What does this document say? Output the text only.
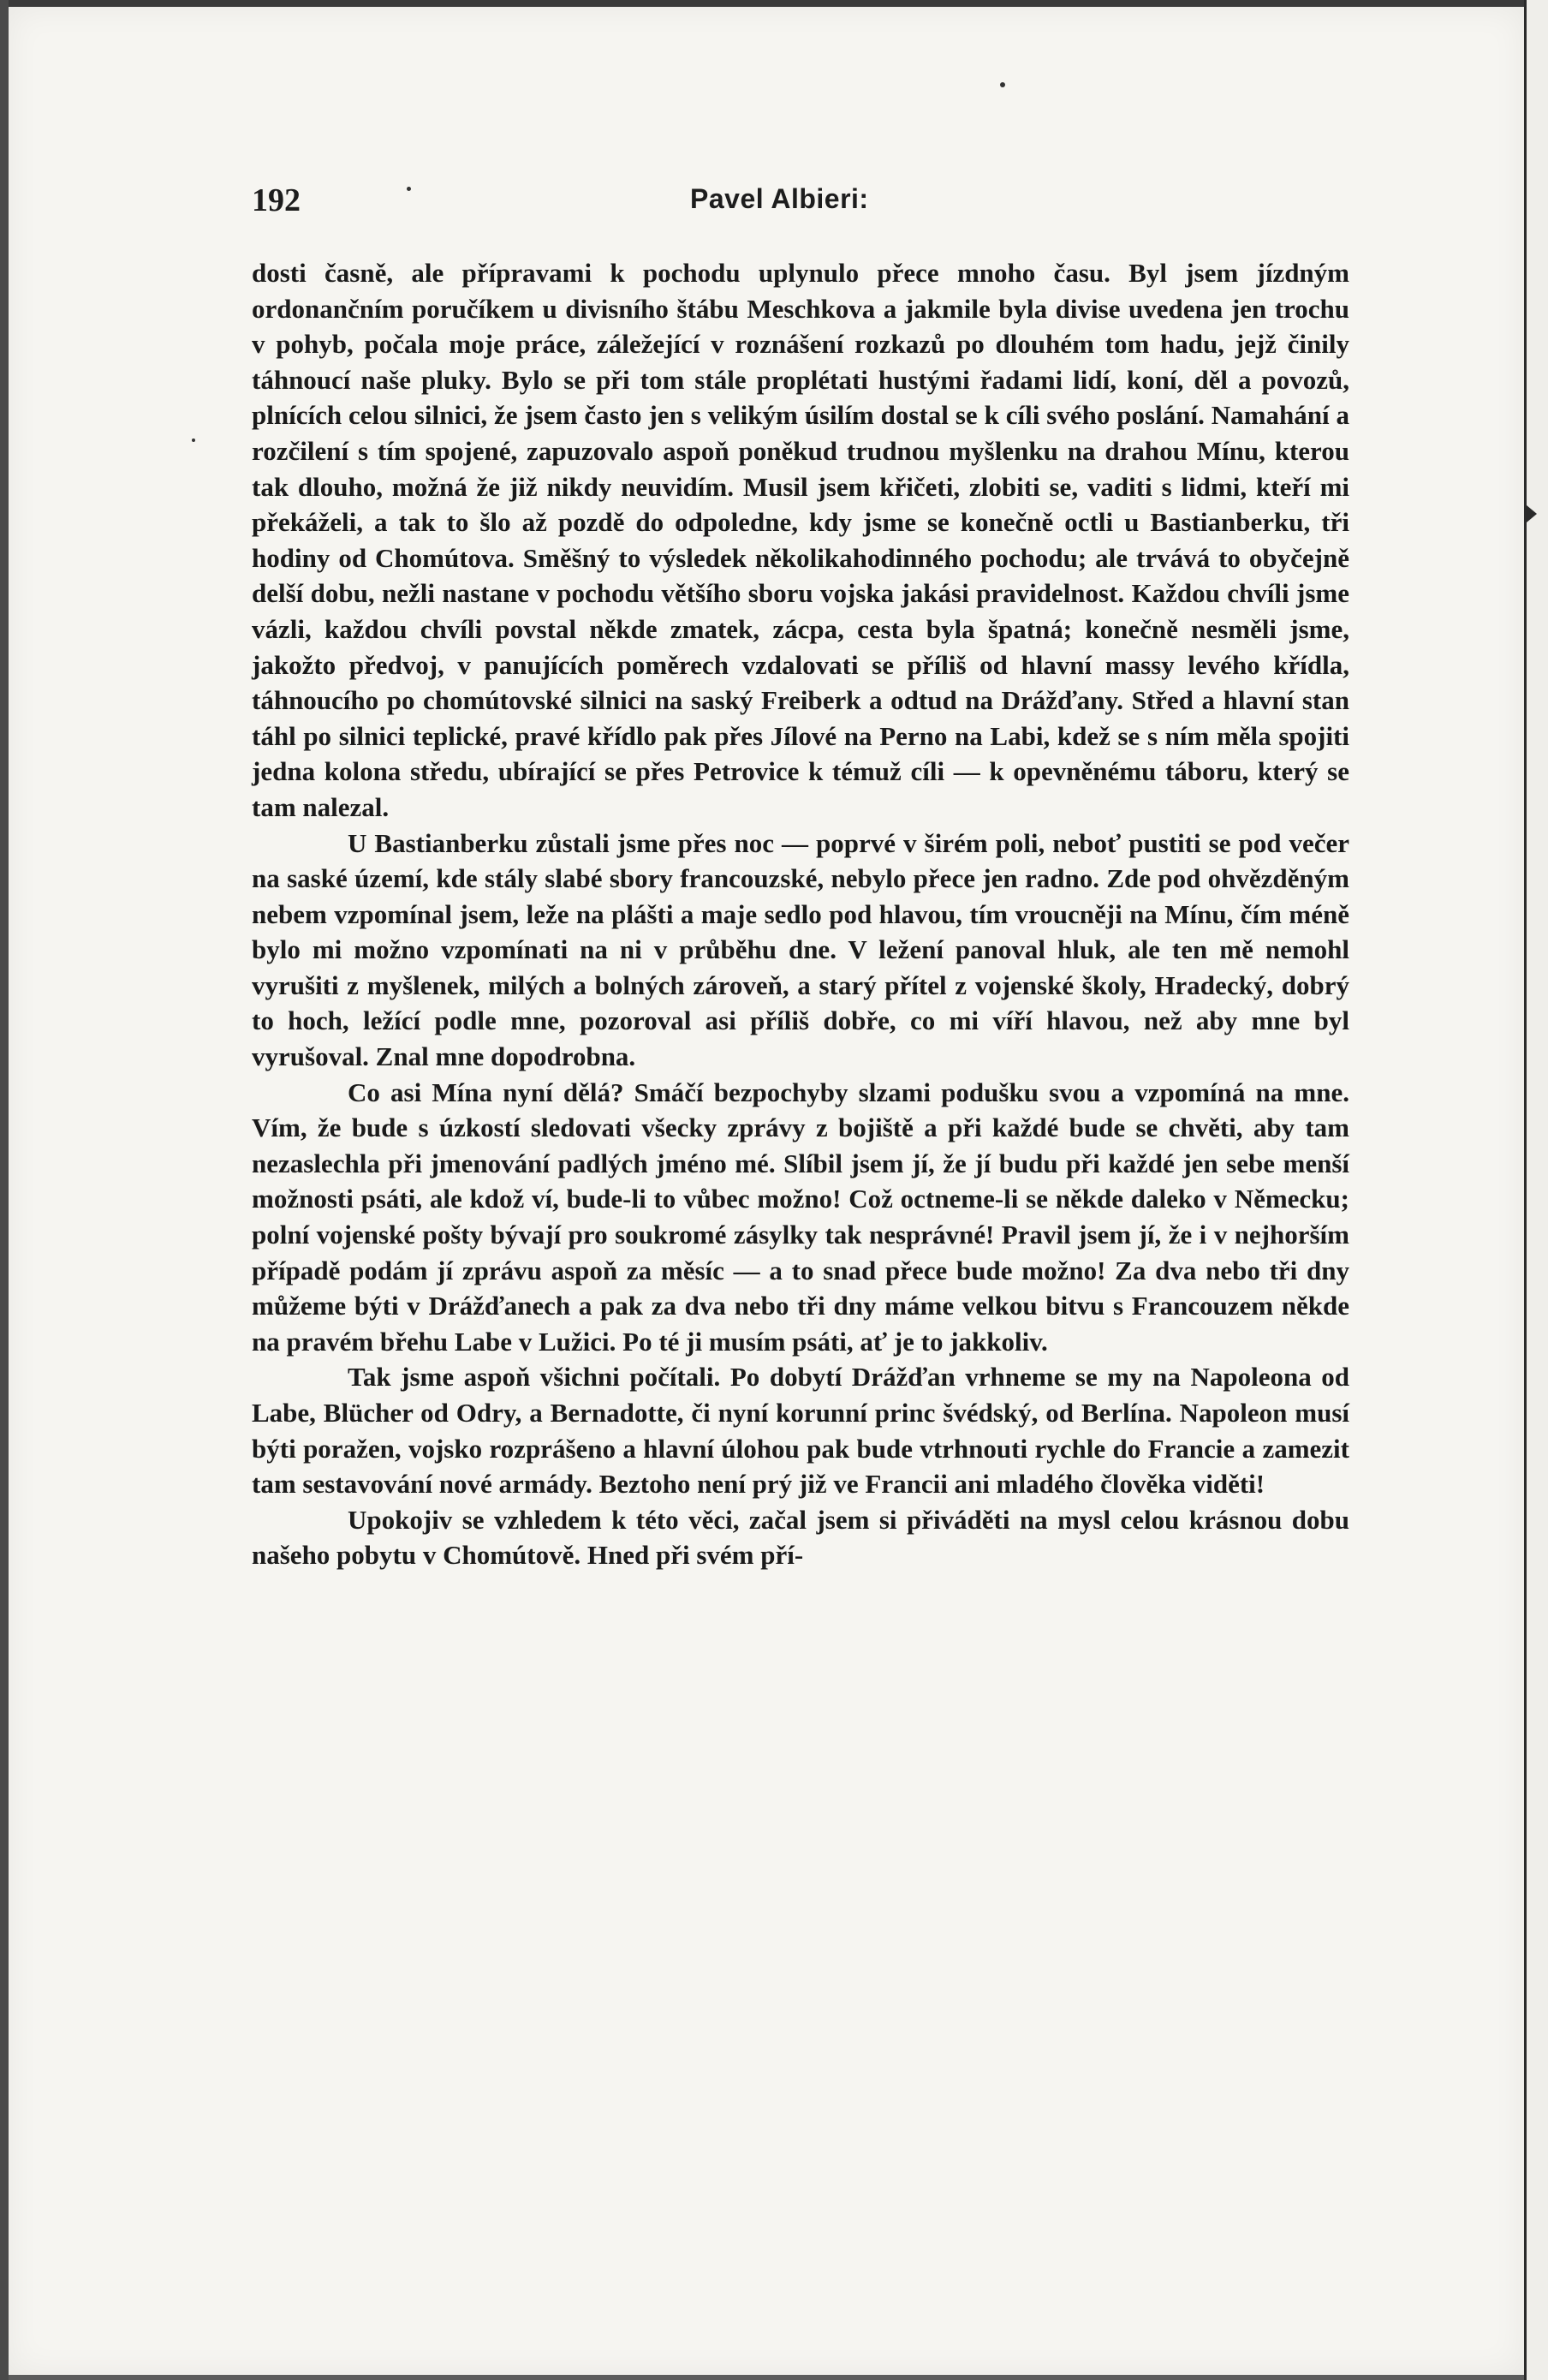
192	Pavel Albieri:

dosti časně, ale přípravami k pochodu uplynulo přece mnoho času. Byl jsem jízdným ordonančním poručíkem u divisního štábu Meschkova a jakmile byla divise uvedena jen trochu v pohyb, počala moje práce, záležející v roznášení rozkazů po dlouhém tom hadu, jejž činily táhnoucí naše pluky. Bylo se při tom stále proplétati hustými řadami lidí, koní, děl a povozů, plnících celou silnici, že jsem často jen s velikým úsilím dostal se k cíli svého poslání. Namahání a rozčilení s tím spojené, zapuzovalo aspoň poněkud trudnou myšlenku na drahou Mínu, kterou tak dlouho, možná že již nikdy neuvidím. Musil jsem křičeti, zlobiti se, vaditi s lidmi, kteří mi překáželi, a tak to šlo až pozdě do odpoledne, kdy jsme se konečně octli u Bastianberku, tři hodiny od Chomútova. Směšný to výsledek několikahodinného pochodu; ale trvává to obyčejně delší dobu, nežli nastane v pochodu většího sboru vojska jakási pravidelnost. Každou chvíli jsme vázli, každou chvíli povstal někde zmatek, zácpa, cesta byla špatná; konečně nesměli jsme, jakožto předvoj, v panujících poměrech vzdalovati se příliš od hlavní massy levého křídla, táhnoucího po chomútovské silnici na saský Freiberk a odtud na Drážďany. Střed a hlavní stan táhl po silnici teplické, pravé křídlo pak přes Jílové na Perno na Labi, kdež se s ním měla spojiti jedna kolona středu, ubírající se přes Petrovice k témuž cíli — k opevněnému táboru, který se tam nalezal.

U Bastianberku zůstali jsme přes noc — poprvé v širém poli, neboť pustiti se pod večer na saské území, kde stály slabé sbory francouzské, nebylo přece jen radno. Zde pod ohvězděným nebem vzpomínal jsem, leže na plášti a maje sedlo pod hlavou, tím vroucněji na Mínu, čím méně bylo mi možno vzpomínati na ni v průběhu dne. V ležení panoval hluk, ale ten mě nemohl vyrušiti z myšlenek, milých a bolných zároveň, a starý přítel z vojenské školy, Hradecký, dobrý to hoch, ležící podle mne, pozoroval asi příliš dobře, co mi víří hlavou, než aby mne byl vyrušoval. Znal mne dopodrobna.

Co asi Mína nyní dělá? Smáčí bezpochyby slzami podušku svou a vzpomíná na mne. Vím, že bude s úzkostí sledovati všecky zprávy z bojiště a při každé bude se chvěti, aby tam nezaslechla při jmenování padlých jméno mé. Slíbil jsem jí, že jí budu při každé jen sebe menší možnosti psáti, ale kdož ví, bude-li to vůbec možno! Což octneme-li se někde daleko v Německu; polní vojenské pošty bývají pro soukromé zásylky tak nesprávné! Pravil jsem jí, že i v nejhorším případě podám jí zprávu aspoň za měsíc — a to snad přece bude možno! Za dva nebo tři dny můžeme býti v Drážďanech a pak za dva nebo tři dny máme velkou bitvu s Francouzem někde na pravém břehu Labe v Lužici. Po té ji musím psáti, ať je to jakkoliv.

Tak jsme aspoň všichni počítali. Po dobytí Drážďan vrhneme se my na Napoleona od Labe, Blücher od Odry, a Bernadotte, či nyní korunní princ švédský, od Berlína. Napoleon musí býti poražen, vojsko rozprášeno a hlavní úlohou pak bude vtrhnouti rychle do Francie a zamezit tam sestavování nové armády. Beztoho není prý již ve Francii ani mladého člověka viděti!

Upokojiv se vzhledem k této věci, začal jsem si přiváděti na mysl celou krásnou dobu našeho pobytu v Chomútově. Hned při svém pří-
